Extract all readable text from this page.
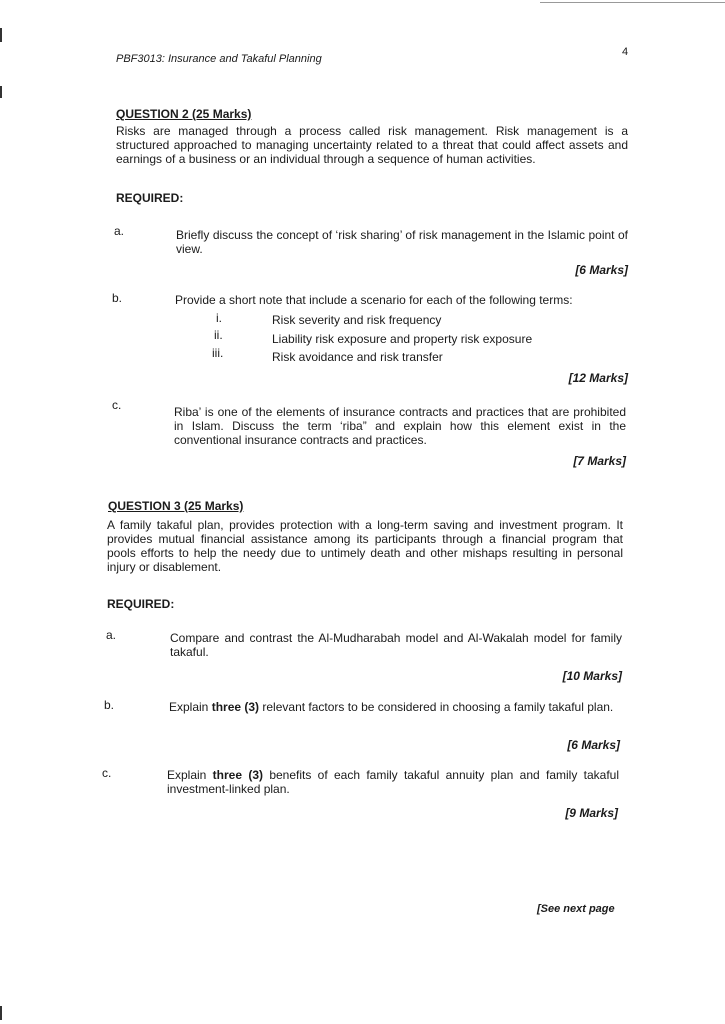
PBF3013: Insurance and Takaful Planning
4
QUESTION 2 (25 Marks)
Risks are managed through a process called risk management. Risk management is a structured approached to managing uncertainty related to a threat that could affect assets and earnings of a business or an individual through a sequence of human activities.
REQUIRED:
a.	Briefly discuss the concept of ‘risk sharing’ of risk management in the Islamic point of view.
[6 Marks]
b.	Provide a short note that include a scenario for each of the following terms:
i.	Risk severity and risk frequency
ii.	Liability risk exposure and property risk exposure
iii.	Risk avoidance and risk transfer
[12 Marks]
c.	Riba’ is one of the elements of insurance contracts and practices that are prohibited in Islam. Discuss the term ‘riba” and explain how this element exist in the conventional insurance contracts and practices.
[7 Marks]
QUESTION 3 (25 Marks)
A family takaful plan, provides protection with a long-term saving and investment program. It provides mutual financial assistance among its participants through a financial program that pools efforts to help the needy due to untimely death and other mishaps resulting in personal injury or disablement.
REQUIRED:
a.	Compare and contrast the Al-Mudharabah model and Al-Wakalah model for family takaful.
[10 Marks]
b.	Explain three (3) relevant factors to be considered in choosing a family takaful plan.
[6 Marks]
c.	Explain three (3) benefits of each family takaful annuity plan and family takaful investment-linked plan.
[9 Marks]
[See next page
